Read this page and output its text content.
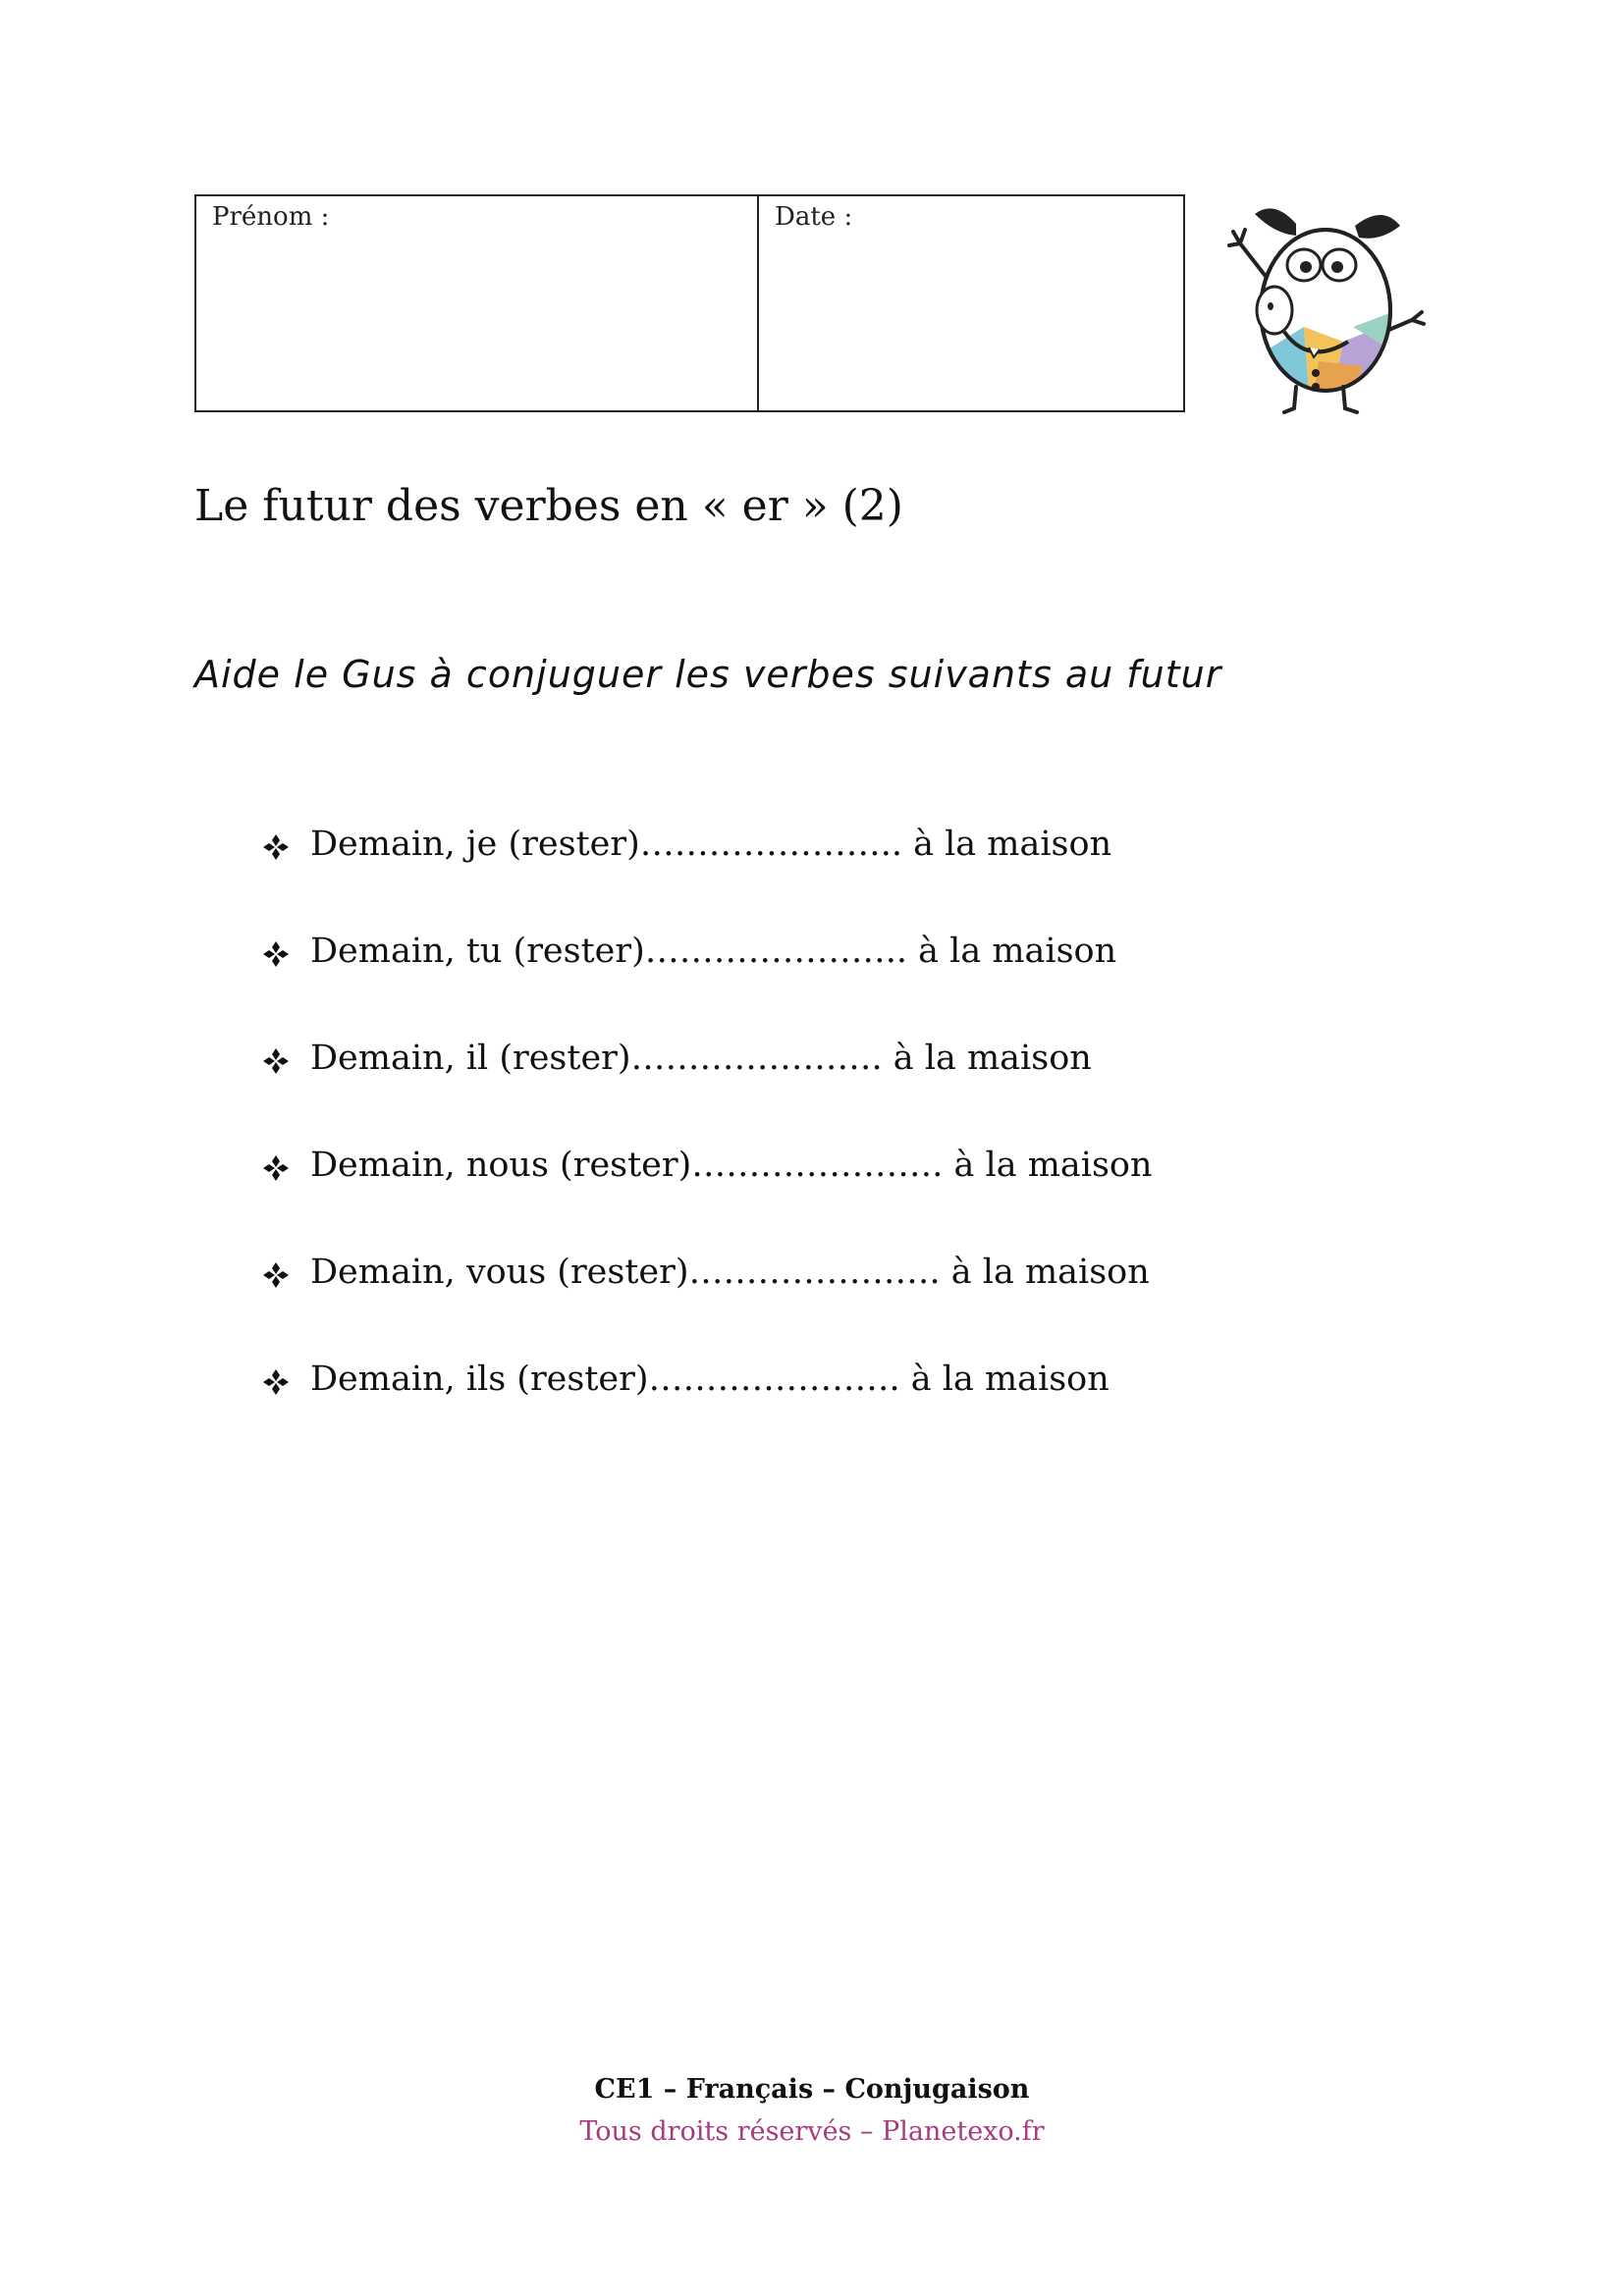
Prénom :	Date :
Le futur des verbes en « er » (2)

Aide le Gus à conjuguer les verbes suivants au futur

Demain, je (rester)………………….. à la maison
Demain, tu (rester)………………….. à la maison
Demain, il (rester)…………………. à la maison
Demain, nous (rester)…………………. à la maison
Demain, vous (rester)…………………. à la maison
Demain, ils (rester)…………………. à la maison
CE1 – Français – Conjugaison
Tous droits réservés – Planetexo.fr
